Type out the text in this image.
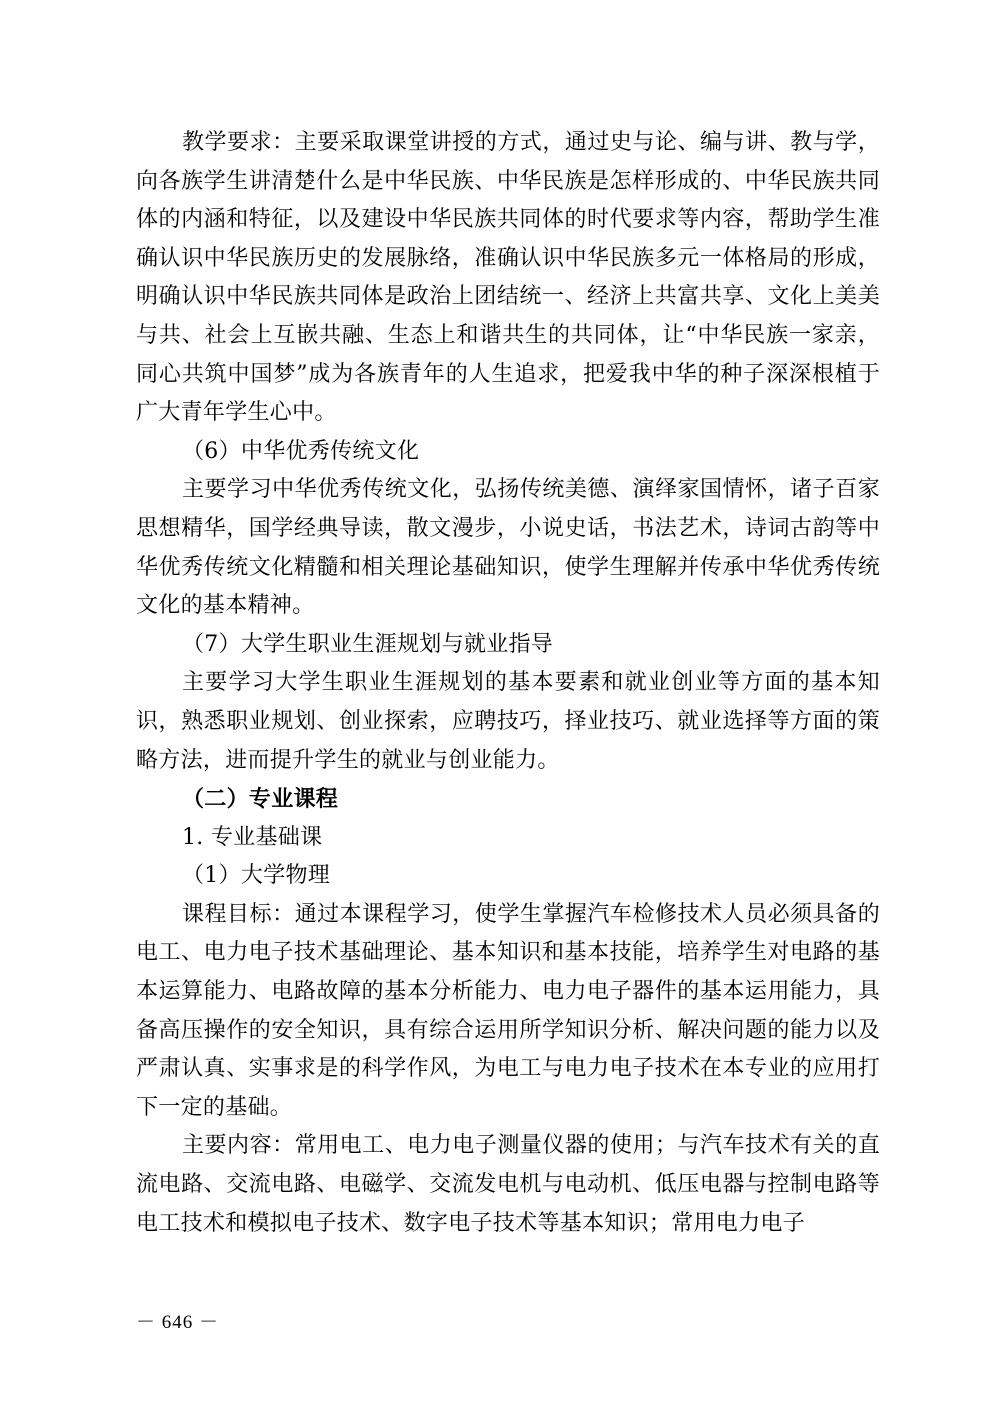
教学要求：主要采取课堂讲授的方式，通过史与论、编与讲、教与学，向各族学生讲清楚什么是中华民族、中华民族是怎样形成的、中华民族共同体的内涵和特征，以及建设中华民族共同体的时代要求等内容，帮助学生准确认识中华民族历史的发展脉络，准确认识中华民族多元一体格局的形成，明确认识中华民族共同体是政治上团结统一、经济上共富共享、文化上美美与共、社会上互嵌共融、生态上和谐共生的共同体，让“中华民族一家亲，同心共筑中国梦”成为各族青年的人生追求，把爱我中华的种子深深根植于广大青年学生心中。

（6）中华优秀传统文化

主要学习中华优秀传统文化，弘扬传统美德、演绎家国情怀，诸子百家思想精华，国学经典导读，散文漫步，小说史话，书法艺术，诗词古韵等中华优秀传统文化精髓和相关理论基础知识，使学生理解并传承中华优秀传统文化的基本精神。

（7）大学生职业生涯规划与就业指导

主要学习大学生职业生涯规划的基本要素和就业创业等方面的基本知识，熟悉职业规划、创业探索，应聘技巧，择业技巧、就业选择等方面的策略方法，进而提升学生的就业与创业能力。

（二）专业课程

1. 专业基础课

（1）大学物理

课程目标：通过本课程学习，使学生掌握汽车检修技术人员必须具备的电工、电力电子技术基础理论、基本知识和基本技能，培养学生对电路的基本运算能力、电路故障的基本分析能力、电力电子器件的基本运用能力，具备高压操作的安全知识，具有综合运用所学知识分析、解决问题的能力以及严肃认真、实事求是的科学作风，为电工与电力电子技术在本专业的应用打下一定的基础。

主要内容：常用电工、电力电子测量仪器的使用；与汽车技术有关的直流电路、交流电路、电磁学、交流发电机与电动机、低压电器与控制电路等电工技术和模拟电子技术、数字电子技术等基本知识；常用电力电子

－ 646 －
